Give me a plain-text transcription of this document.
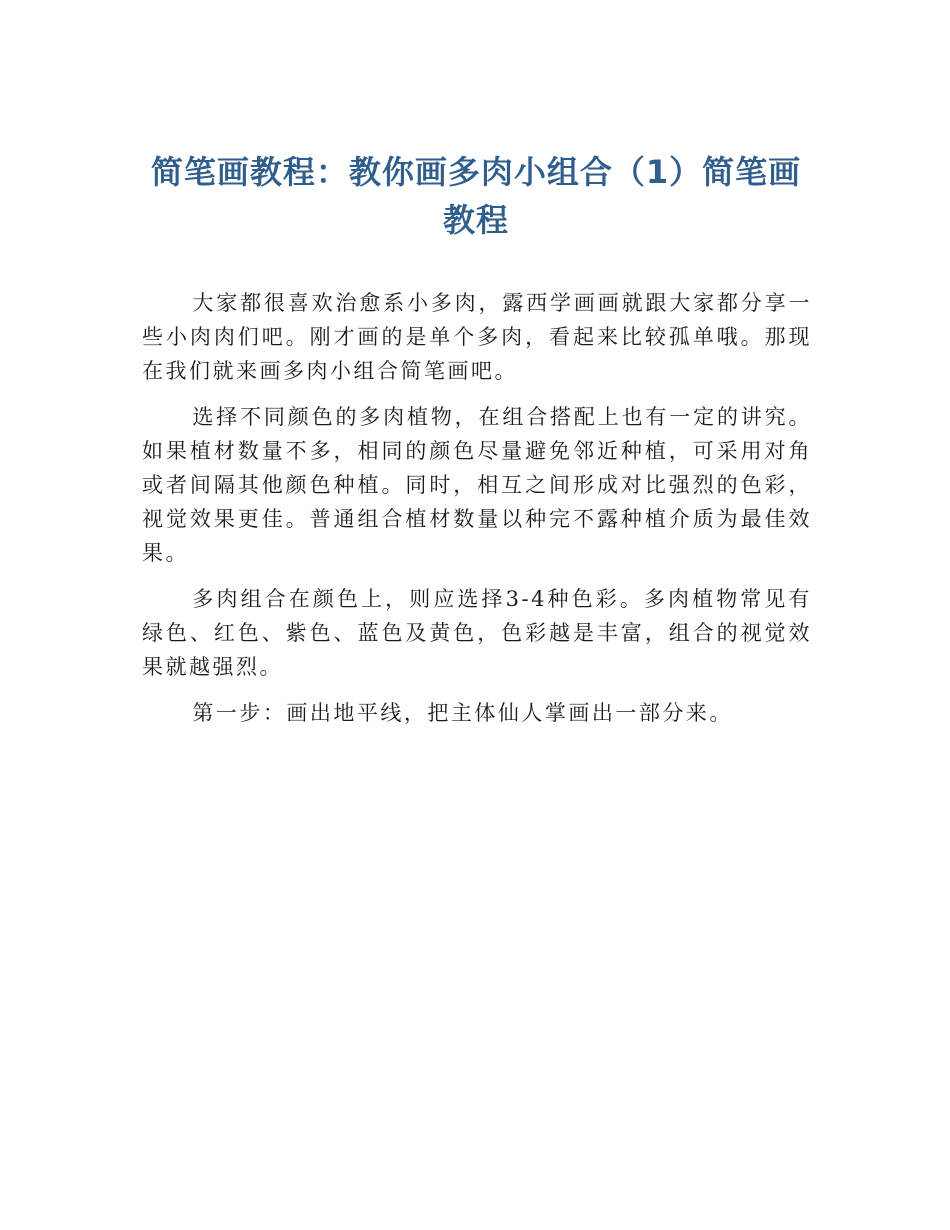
简笔画教程：教你画多肉小组合（1）简笔画教程

大家都很喜欢治愈系小多肉，露西学画画就跟大家都分享一些小肉肉们吧。刚才画的是单个多肉，看起来比较孤单哦。那现在我们就来画多肉小组合简笔画吧。

选择不同颜色的多肉植物，在组合搭配上也有一定的讲究。如果植材数量不多，相同的颜色尽量避免邻近种植，可采用对角或者间隔其他颜色种植。同时，相互之间形成对比强烈的色彩，视觉效果更佳。普通组合植材数量以种完不露种植介质为最佳效果。

多肉组合在颜色上，则应选择3-4种色彩。多肉植物常见有绿色、红色、紫色、蓝色及黄色，色彩越是丰富，组合的视觉效果就越强烈。

第一步：画出地平线，把主体仙人掌画出一部分来。
